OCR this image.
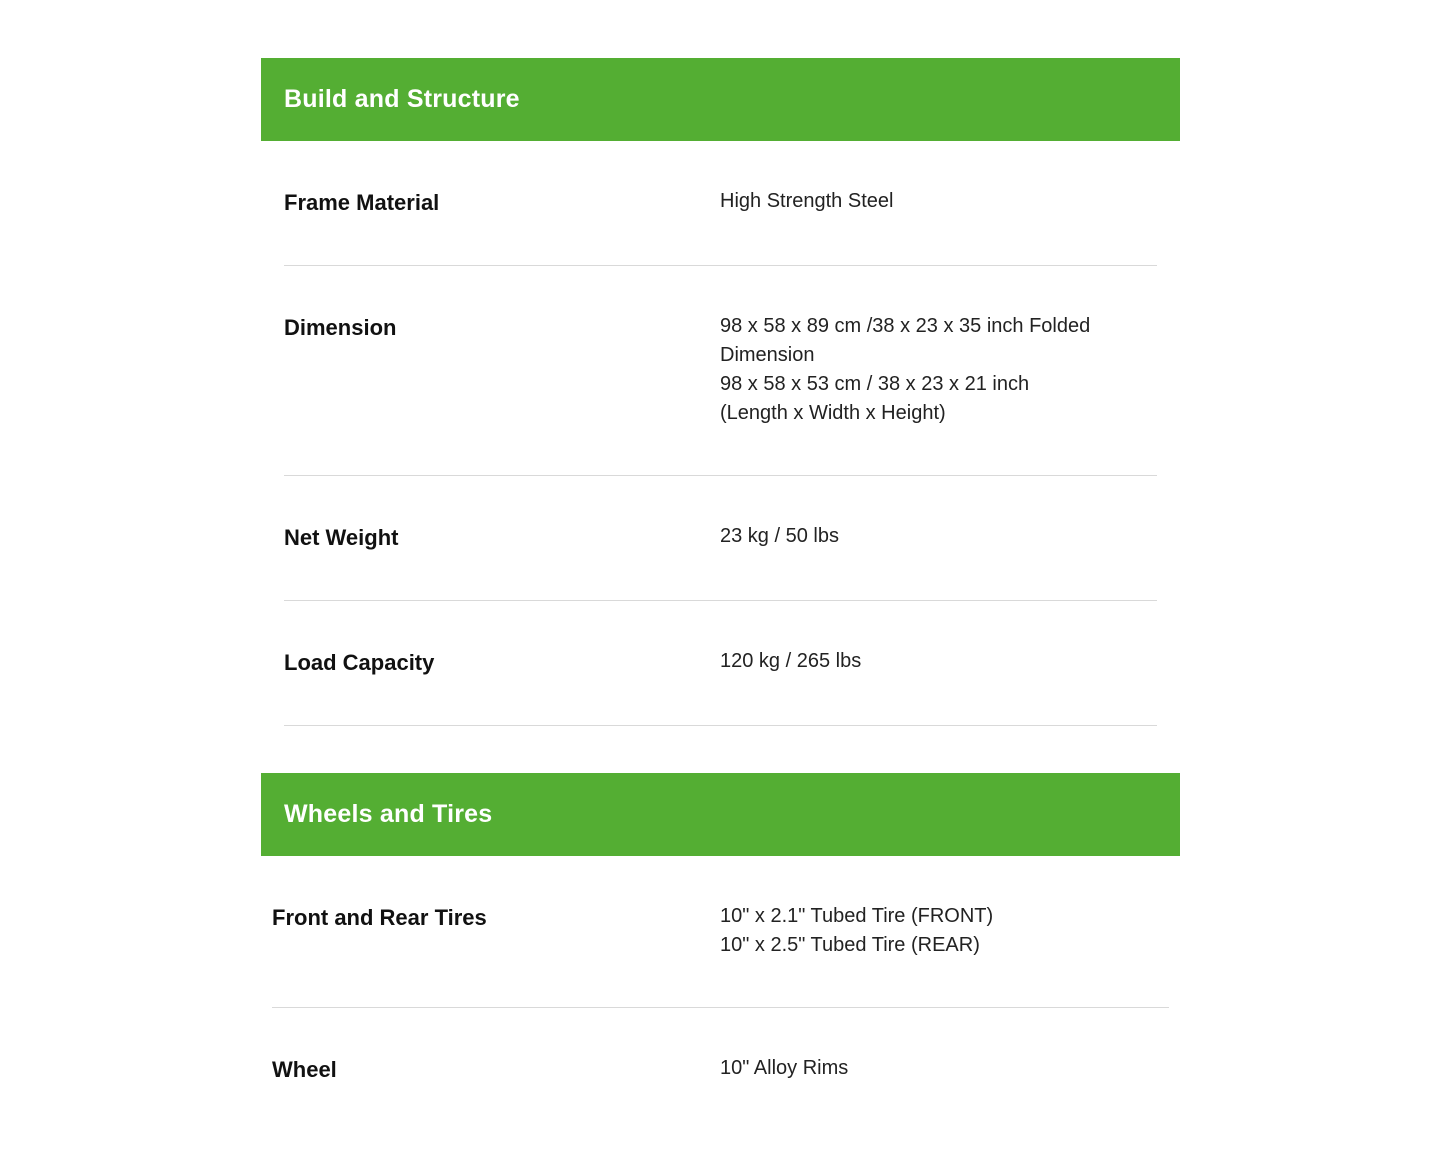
Build and Structure
Frame Material	High Strength Steel
Dimension	98 x 58 x 89 cm /38 x 23 x 35 inch Folded
Dimension
98 x 58 x 53 cm / 38 x 23 x 21 inch
(Length x Width x Height)
Net Weight	23 kg / 50 lbs
Load Capacity	120 kg / 265 lbs
Wheels and Tires
Front and Rear Tires	10" x 2.1" Tubed Tire (FRONT)
10" x 2.5" Tubed Tire (REAR)
Wheel	10" Alloy Rims
